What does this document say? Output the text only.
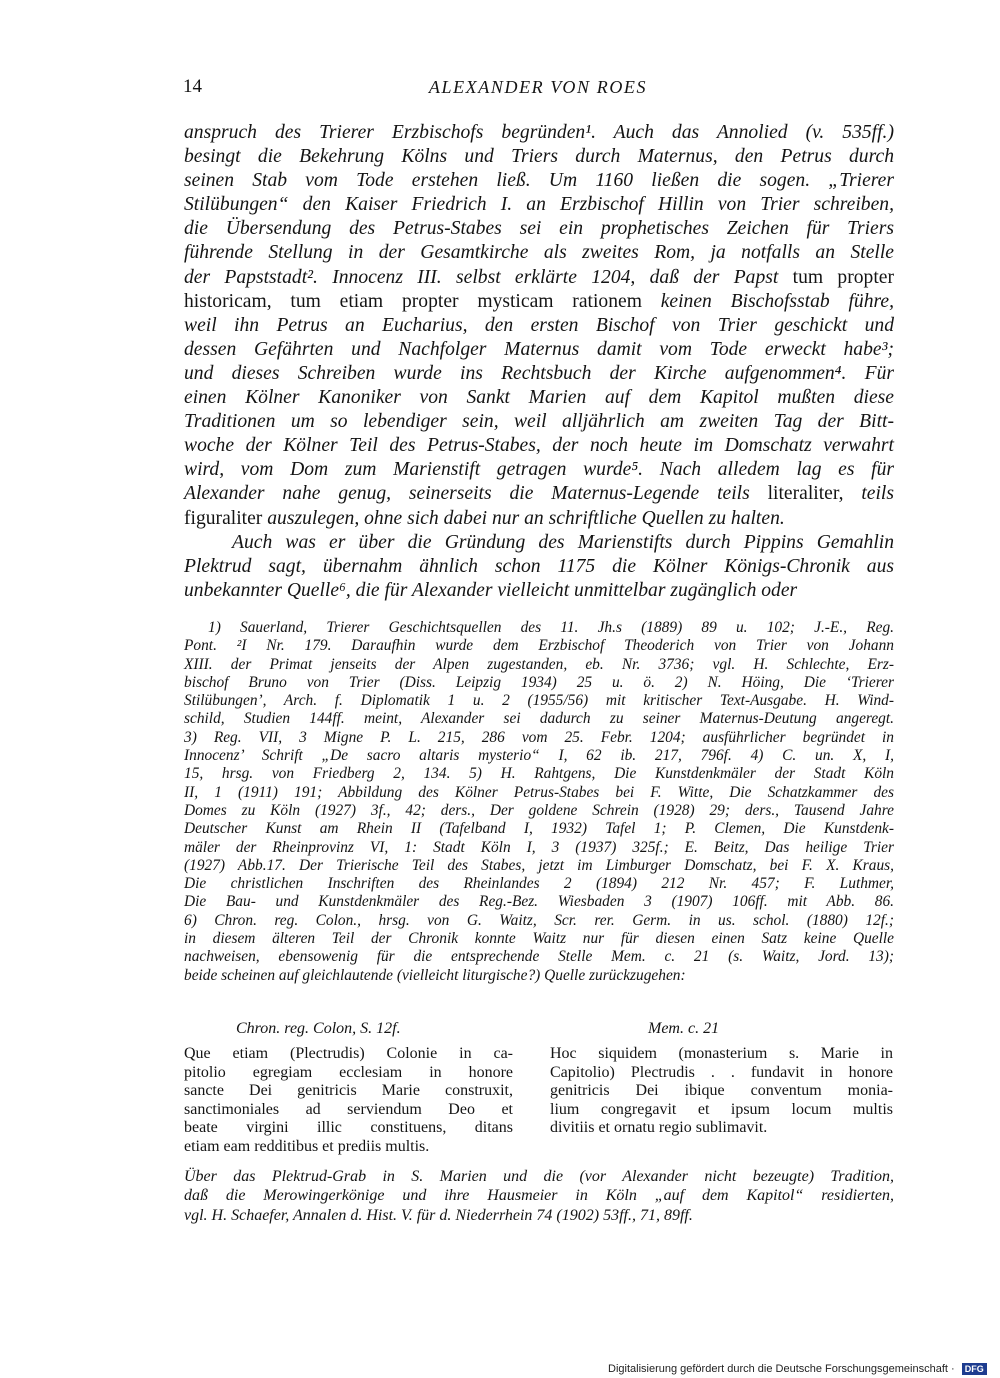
14	ALEXANDER VON ROES
anspruch des Trierer Erzbischofs begründen¹. Auch das Annolied (v. 535ff.)
besingt die Bekehrung Kölns und Triers durch Maternus, den Petrus durch
seinen Stab vom Tode erstehen ließ. Um 1160 ließen die sogen. „Trierer
Stilübungen“ den Kaiser Friedrich I. an Erzbischof Hillin von Trier schreiben,
die Übersendung des Petrus-Stabes sei ein prophetisches Zeichen für Triers
führende Stellung in der Gesamtkirche als zweites Rom, ja notfalls an Stelle
der Papststadt². Innocenz III. selbst erklärte 1204, daß der Papst tum propter
historicam, tum etiam propter mysticam rationem keinen Bischofsstab führe,
weil ihn Petrus an Eucharius, den ersten Bischof von Trier geschickt und
dessen Gefährten und Nachfolger Maternus damit vom Tode erweckt habe³;
und dieses Schreiben wurde ins Rechtsbuch der Kirche aufgenommen⁴. Für
einen Kölner Kanoniker von Sankt Marien auf dem Kapitol mußten diese
Traditionen um so lebendiger sein, weil alljährlich am zweiten Tag der Bitt-
woche der Kölner Teil des Petrus-Stabes, der noch heute im Domschatz verwahrt
wird, vom Dom zum Marienstift getragen wurde⁵. Nach alledem lag es für
Alexander nahe genug, seinerseits die Maternus-Legende teils literaliter, teils
figuraliter auszulegen, ohne sich dabei nur an schriftliche Quellen zu halten.
Auch was er über die Gründung des Marienstifts durch Pippins Gemahlin
Plektrud sagt, übernahm ähnlich schon 1175 die Kölner Königs-Chronik aus
unbekannter Quelle⁶, die für Alexander vielleicht unmittelbar zugänglich oder
1) Sauerland, Trierer Geschichtsquellen des 11. Jh.s (1889) 89 u. 102; J.-E., Reg.
Pont. ²I Nr. 179. Daraufhin wurde dem Erzbischof Theoderich von Trier von Johann
XIII. der Primat jenseits der Alpen zugestanden, eb. Nr. 3736; vgl. H. Schlechte, Erz-
bischof Bruno von Trier (Diss. Leipzig 1934) 25 u. ö. 2) N. Höing, Die ‘Trierer
Stilübungen’, Arch. f. Diplomatik 1 u. 2 (1955/56) mit kritischer Text-Ausgabe. H. Wind-
schild, Studien 144ff. meint, Alexander sei dadurch zu seiner Maternus-Deutung angeregt.
3) Reg. VII, 3 Migne P. L. 215, 286 vom 25. Febr. 1204; ausführlicher begründet in
Innocenz’ Schrift „De sacro altaris mysterio“ I, 62 ib. 217, 796f. 4) C. un. X, I,
15, hrsg. von Friedberg 2, 134. 5) H. Rahtgens, Die Kunstdenkmäler der Stadt Köln
II, 1 (1911) 191; Abbildung des Kölner Petrus-Stabes bei F. Witte, Die Schatzkammer des
Domes zu Köln (1927) 3f., 42; ders., Der goldene Schrein (1928) 29; ders., Tausend Jahre
Deutscher Kunst am Rhein II (Tafelband I, 1932) Tafel 1; P. Clemen, Die Kunstdenk-
mäler der Rheinprovinz VI, 1: Stadt Köln I, 3 (1937) 325f.; E. Beitz, Das heilige Trier
(1927) Abb.17. Der Trierische Teil des Stabes, jetzt im Limburger Domschatz, bei F. X. Kraus,
Die christlichen Inschriften des Rheinlandes 2 (1894) 212 Nr. 457; F. Luthmer,
Die Bau- und Kunstdenkmäler des Reg.-Bez. Wiesbaden 3 (1907) 106ff. mit Abb. 86.
6) Chron. reg. Colon., hrsg. von G. Waitz, Scr. rer. Germ. in us. schol. (1880) 12f.;
in diesem älteren Teil der Chronik konnte Waitz nur für diesen einen Satz keine Quelle
nachweisen, ebensowenig für die entsprechende Stelle Mem. c. 21 (s. Waitz, Jord. 13);
beide scheinen auf gleichlautende (vielleicht liturgische?) Quelle zurückzugehen:
Chron. reg. Colon, S. 12f.	Mem. c. 21
Que etiam (Plectrudis) Colonie in ca-
pitolio egregiam ecclesiam in honore
sancte Dei genitricis Marie construxit,
sanctimoniales ad serviendum Deo et
beate virgini illic constituens, ditans
etiam eam redditibus et prediis multis.
Hoc siquidem (monasterium s. Marie in
Capitolio) Plectrudis . . fundavit in honore
genitricis Dei ibique conventum monia-
lium congregavit et ipsum locum multis
divitiis et ornatu regio sublimavit.
Über das Plektrud-Grab in S. Marien und die (vor Alexander nicht bezeugte) Tradition,
daß die Merowingerkönige und ihre Hausmeier in Köln „auf dem Kapitol“ residierten,
vgl. H. Schaefer, Annalen d. Hist. V. für d. Niederrhein 74 (1902) 53ff., 71, 89ff.
Digitalisierung gefördert durch die Deutsche Forschungsgemeinschaft · DFG
